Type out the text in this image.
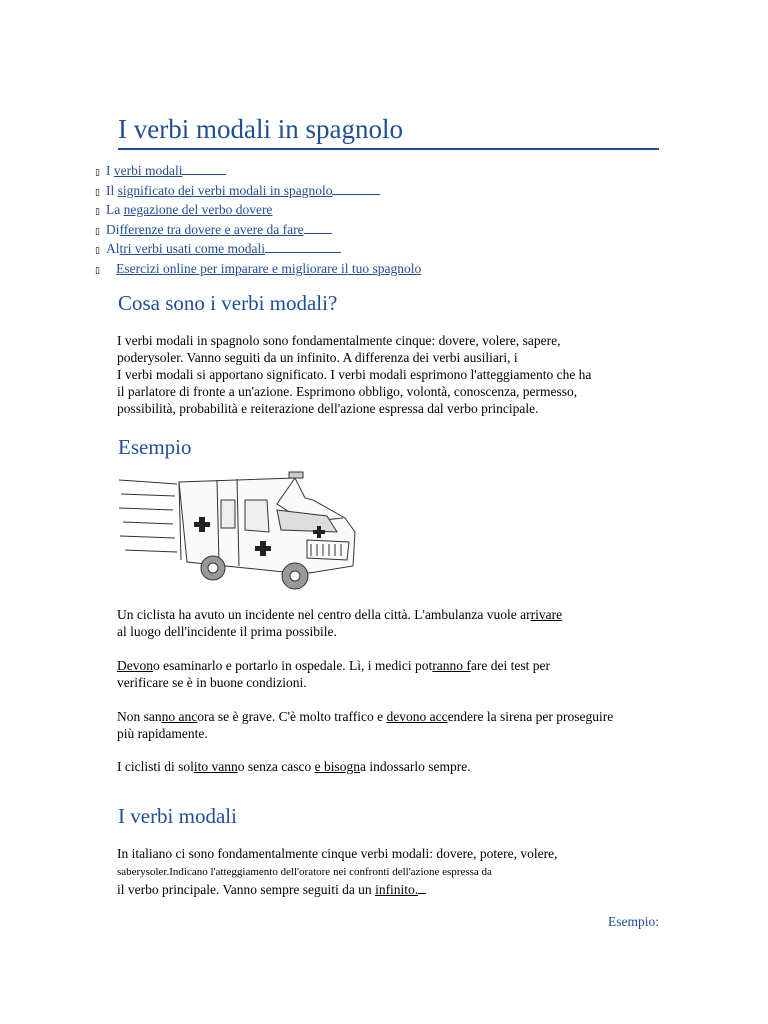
I verbi modali in spagnolo
▯ I verbi modali
▯ Il significato dei verbi modali in spagnolo
▯ La negazione del verbo dovere
▯ Differenze tra dovere e avere da fare
▯ Altri verbi usati come modali
▯ Esercizi online per imparare e migliorare il tuo spagnolo
Cosa sono i verbi modali?

I verbi modali in spagnolo sono fondamentalmente cinque: dovere, volere, sapere,
poderysoler. Vanno seguiti da un infinito. A differenza dei verbi ausiliari, i
I verbi modali si apportano significato. I verbi modali esprimono l'atteggiamento che ha
il parlatore di fronte a un'azione. Esprimono obbligo, volontà, conoscenza, permesso,
possibilità, probabilità e reiterazione dell'azione espressa dal verbo principale.

Esempio

Un ciclista ha avuto un incidente nel centro della città. L'ambulanza vuole arrivare
al luogo dell'incidente il prima possibile.

Devono esaminarlo e portarlo in ospedale. Lì, i medici potranno fare dei test per
verificare se è in buone condizioni.

Non sanno ancora se è grave. C'è molto traffico e devono accendere la sirena per proseguire
più rapidamente.

I ciclisti di solito vanno senza casco e bisogna indossarlo sempre.

I verbi modali

In italiano ci sono fondamentalmente cinque verbi modali: dovere, potere, volere,
saberysoler.Indicano l'atteggiamento dell'oratore nei confronti dell'azione espressa da
il verbo principale. Vanno sempre seguiti da un infinito.

Esempio:
